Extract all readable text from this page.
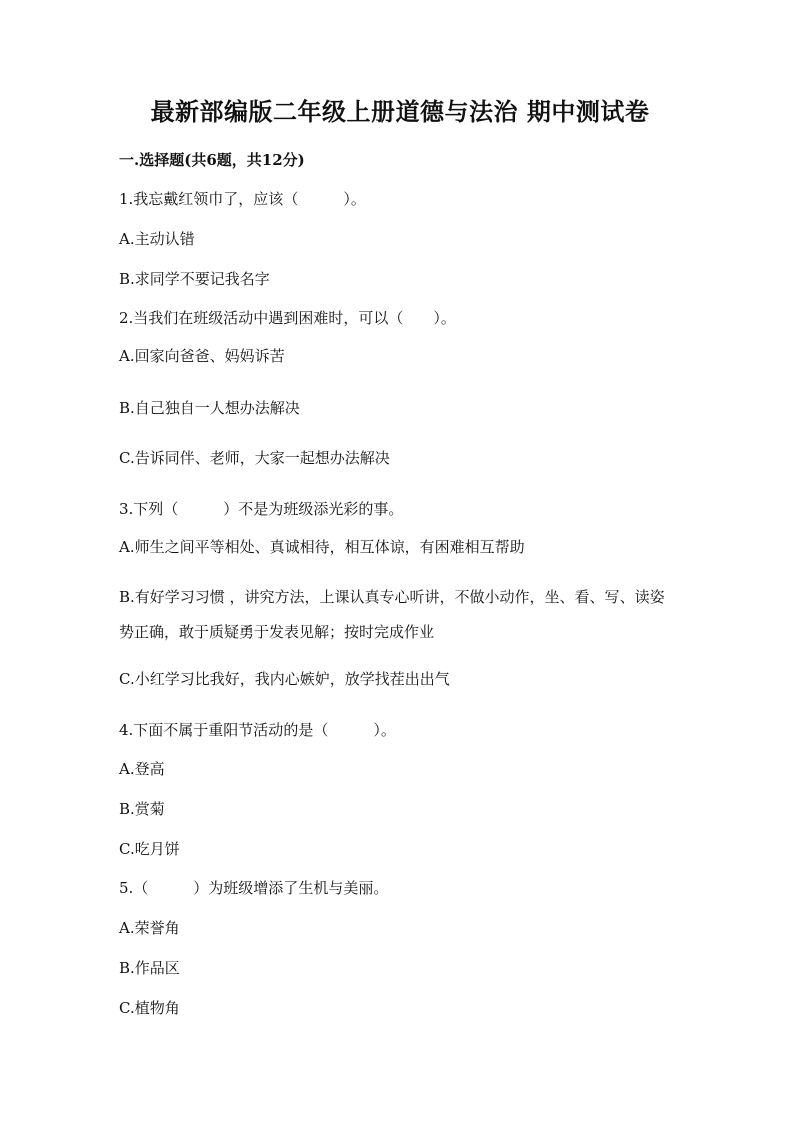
最新部编版二年级上册道德与法治 期中测试卷
一.选择题(共6题，共12分)
1.我忘戴红领巾了，应该（　　　）。
A.主动认错
B.求同学不要记我名字
2.当我们在班级活动中遇到困难时，可以（　　）。
A.回家向爸爸、妈妈诉苦
B.自己独自一人想办法解决
C.告诉同伴、老师，大家一起想办法解决
3.下列（　　　）不是为班级添光彩的事。
A.师生之间平等相处、真诚相待，相互体谅，有困难相互帮助
B.有好学习习惯 ，讲究方法，上课认真专心听讲，不做小动作，坐、看、写、读姿势正确，敢于质疑勇于发表见解；按时完成作业
C.小红学习比我好，我内心嫉妒，放学找茬出出气
4.下面不属于重阳节活动的是（　　　）。
A.登高
B.赏菊
C.吃月饼
5.（　　　）为班级增添了生机与美丽。
A.荣誉角
B.作品区
C.植物角
